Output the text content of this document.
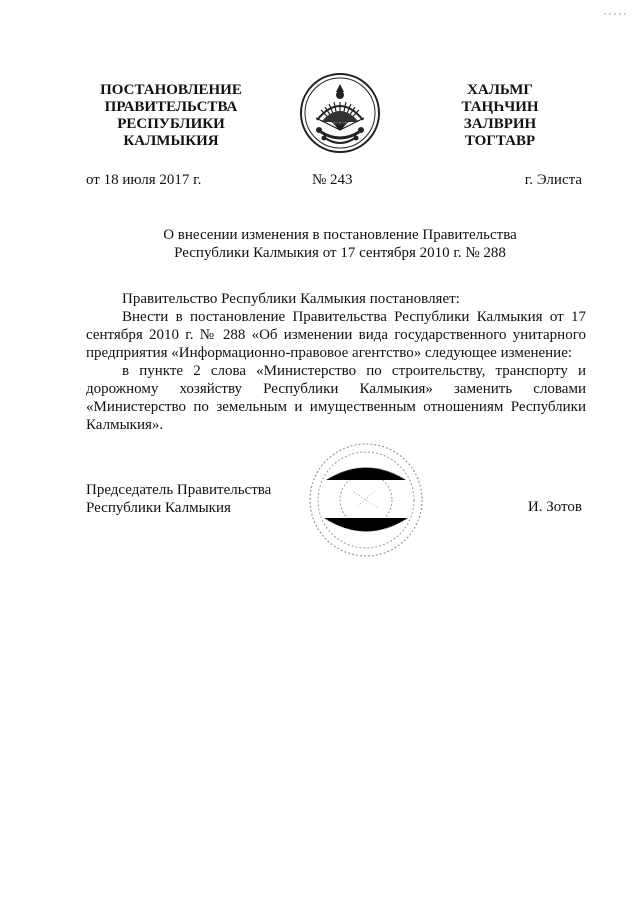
ПОСТАНОВЛЕНИЕ
ПРАВИТЕЛЬСТВА
РЕСПУБЛИКИ
КАЛМЫКИЯ
ХАЛЬМГ
ТАҢҺЧИН
ЗАЛВРИН
ТОГТАВР
от 18 июля 2017 г.	№ 243	г. Элиста
О внесении изменения в постановление Правительства
Республики Калмыкия от 17 сентября 2010 г. № 288

Правительство Республики Калмыкия постановляет:

Внести в постановление Правительства Республики Калмыкия от 17 сентября 2010 г. № 288 «Об изменении вида государственного унитарного предприятия «Информационно-правовое агентство» следующее изменение:

в пункте 2 слова «Министерство по строительству, транспорту и дорожному хозяйству Республики Калмыкия» заменить словами «Министерство по земельным и имущественным отношениям Республики Калмыкия».

Председатель Правительства
Республики Калмыкия	И. Зотов
